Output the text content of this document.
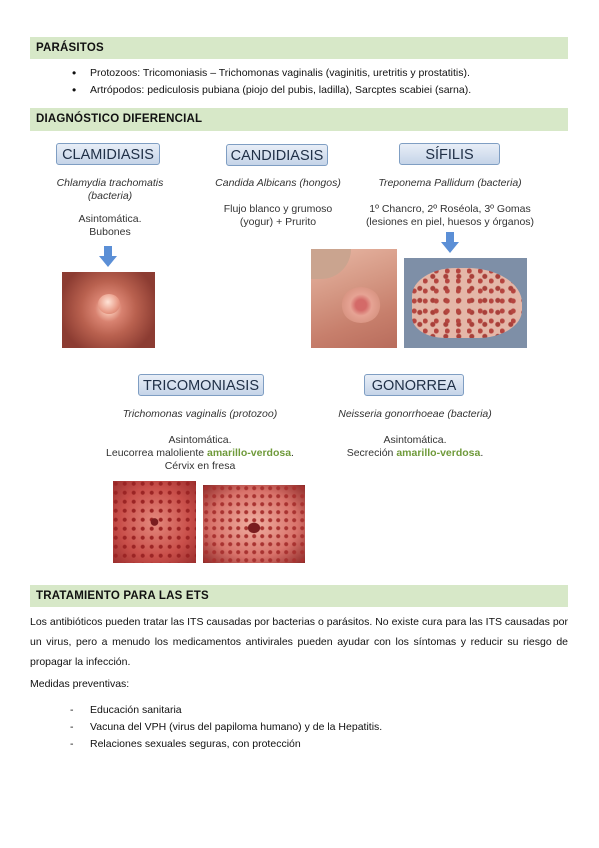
PARÁSITOS
• Protozoos: Tricomoniasis – Trichomonas vaginalis (vaginitis, uretritis y prostatitis).
• Artrópodos: pediculosis pubiana (piojo del pubis, ladilla), Sarcptes scabiei (sarna).
DIAGNÓSTICO DIFERENCIAL
CLAMIDIASIS
Chlamydia trachomatis
(bacteria)
Asintomática.
Bubones
CANDIDIASIS
Candida Albicans (hongos)
Flujo blanco y grumoso
(yogur) + Prurito
SÍFILIS
Treponema Pallidum (bacteria)
1º Chancro, 2º Roséola, 3º Gomas
(lesiones en piel, huesos y órganos)
TRICOMONIASIS
Trichomonas vaginalis (protozoo)
Asintomática.
Leucorrea maloliente amarillo-verdosa.
Cérvix en fresa
GONORREA
Neisseria gonorrhoeae (bacteria)
Asintomática.
Secreción amarillo-verdosa.
TRATAMIENTO PARA LAS ETS
Los antibióticos pueden tratar las ITS causadas por bacterias o parásitos. No existe cura para las ITS causadas por un virus, pero a menudo los medicamentos antivirales pueden ayudar con los síntomas y reducir su riesgo de propagar la infección.
Medidas preventivas:
- Educación sanitaria
- Vacuna del VPH (virus del papiloma humano) y de la Hepatitis.
- Relaciones sexuales seguras, con protección
